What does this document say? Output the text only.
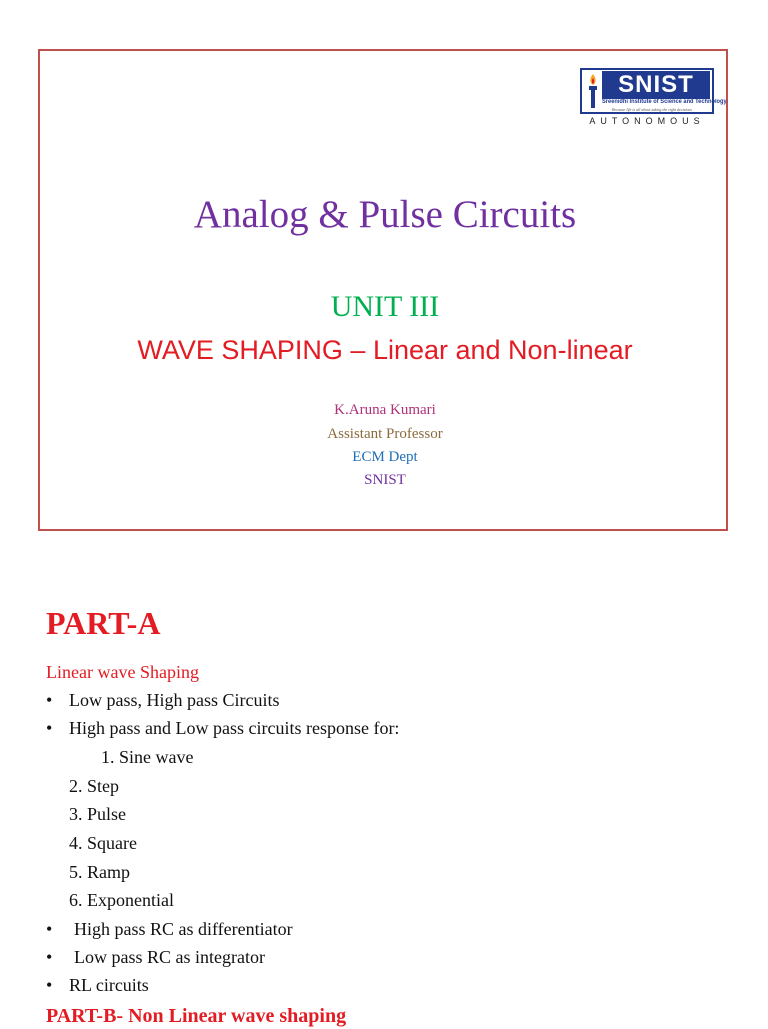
SNIST
Sreenidhi Institute of Science and Technology
Because life is all about taking the right decisions
AUTONOMOUS
Analog & Pulse Circuits
UNIT III
WAVE SHAPING – Linear and Non-linear
K.Aruna Kumari
Assistant Professor
ECM Dept
SNIST
PART-A
Linear wave Shaping
• Low pass, High pass Circuits
• High pass and Low pass circuits response for:
1. Sine wave
2. Step
3. Pulse
4. Square
5. Ramp
6. Exponential
• High pass RC as differentiator
• Low pass RC as integrator
• RL circuits
PART-B- Non Linear wave shaping
